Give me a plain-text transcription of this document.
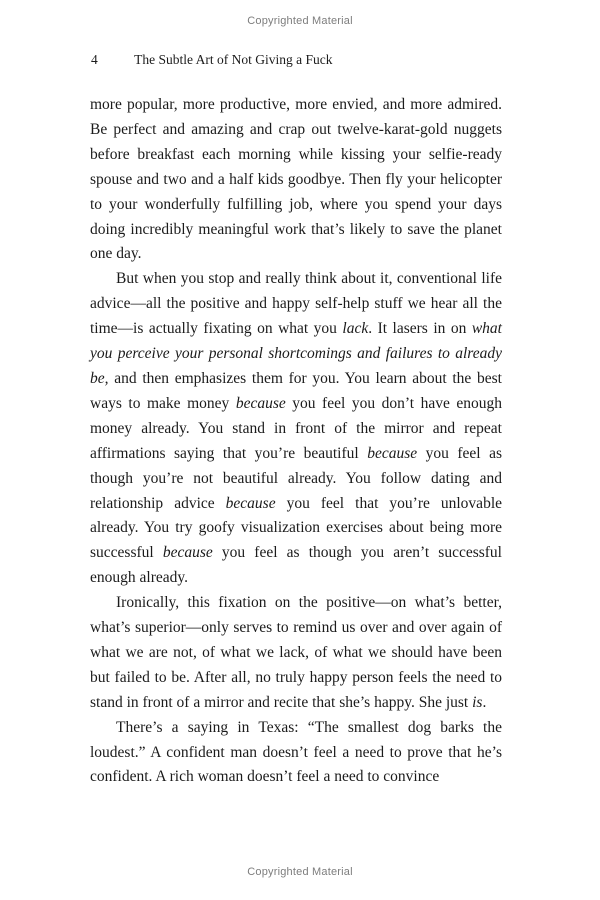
Copyrighted Material
4	The Subtle Art of Not Giving a Fuck

more popular, more productive, more envied, and more admired. Be perfect and amazing and crap out twelve-karat-gold nuggets before breakfast each morning while kissing your selfie-ready spouse and two and a half kids goodbye. Then fly your helicopter to your wonderfully fulfilling job, where you spend your days doing incredibly meaningful work that’s likely to save the planet one day.

But when you stop and really think about it, conventional life advice—all the positive and happy self-help stuff we hear all the time—is actually fixating on what you lack. It lasers in on what you perceive your personal shortcomings and failures to already be, and then emphasizes them for you. You learn about the best ways to make money because you feel you don’t have enough money already. You stand in front of the mirror and repeat affirmations saying that you’re beautiful because you feel as though you’re not beautiful already. You follow dating and relationship advice because you feel that you’re unlovable already. You try goofy visualization exercises about being more successful because you feel as though you aren’t successful enough already.

Ironically, this fixation on the positive—on what’s better, what’s superior—only serves to remind us over and over again of what we are not, of what we lack, of what we should have been but failed to be. After all, no truly happy person feels the need to stand in front of a mirror and recite that she’s happy. She just is.

There’s a saying in Texas: “The smallest dog barks the loudest.” A confident man doesn’t feel a need to prove that he’s confident. A rich woman doesn’t feel a need to convince

Copyrighted Material
